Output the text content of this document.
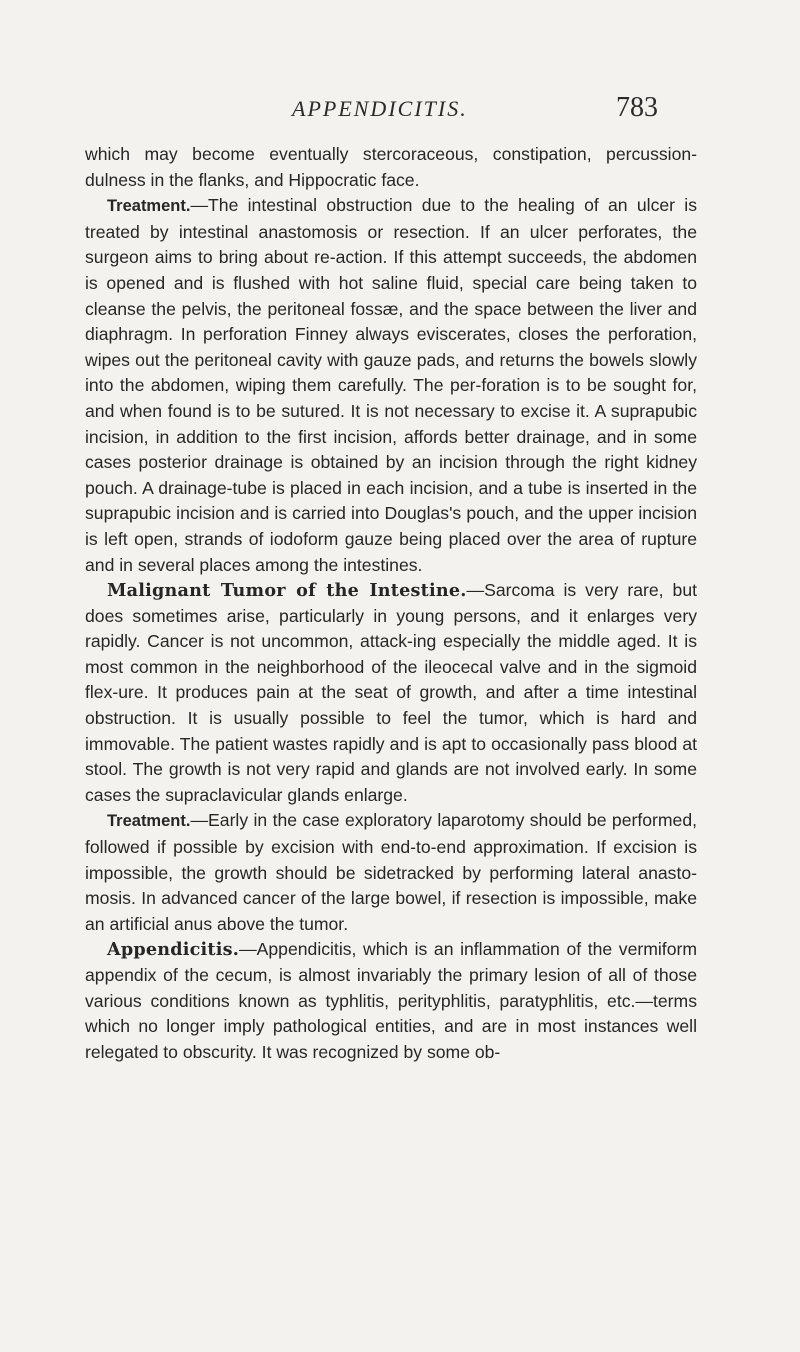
APPENDICITIS.	783

which may become eventually stercoraceous, constipation, percussion-dulness in the flanks, and Hippocratic face.

Treatment.—The intestinal obstruction due to the healing of an ulcer is treated by intestinal anastomosis or resection. If an ulcer perforates, the surgeon aims to bring about re-action. If this attempt succeeds, the abdomen is opened and is flushed with hot saline fluid, special care being taken to cleanse the pelvis, the peritoneal fossæ, and the space between the liver and diaphragm. In perforation Finney always eviscerates, closes the perforation, wipes out the peritoneal cavity with gauze pads, and returns the bowels slowly into the abdomen, wiping them carefully. The per-foration is to be sought for, and when found is to be sutured. It is not necessary to excise it. A suprapubic incision, in addition to the first incision, affords better drainage, and in some cases posterior drainage is obtained by an incision through the right kidney pouch. A drainage-tube is placed in each incision, and a tube is inserted in the suprapubic incision and is carried into Douglas's pouch, and the upper incision is left open, strands of iodoform gauze being placed over the area of rupture and in several places among the intestines.

Malignant Tumor of the Intestine.—Sarcoma is very rare, but does sometimes arise, particularly in young persons, and it enlarges very rapidly. Cancer is not uncommon, attack-ing especially the middle aged. It is most common in the neighborhood of the ileocecal valve and in the sigmoid flex-ure. It produces pain at the seat of growth, and after a time intestinal obstruction. It is usually possible to feel the tumor, which is hard and immovable. The patient wastes rapidly and is apt to occasionally pass blood at stool. The growth is not very rapid and glands are not involved early. In some cases the supraclavicular glands enlarge.

Treatment.—Early in the case exploratory laparotomy should be performed, followed if possible by excision with end-to-end approximation. If excision is impossible, the growth should be sidetracked by performing lateral anasto-mosis. In advanced cancer of the large bowel, if resection is impossible, make an artificial anus above the tumor.

Appendicitis.—Appendicitis, which is an inflammation of the vermiform appendix of the cecum, is almost invariably the primary lesion of all of those various conditions known as typhlitis, perityphlitis, paratyphlitis, etc.—terms which no longer imply pathological entities, and are in most instances well relegated to obscurity. It was recognized by some ob-
